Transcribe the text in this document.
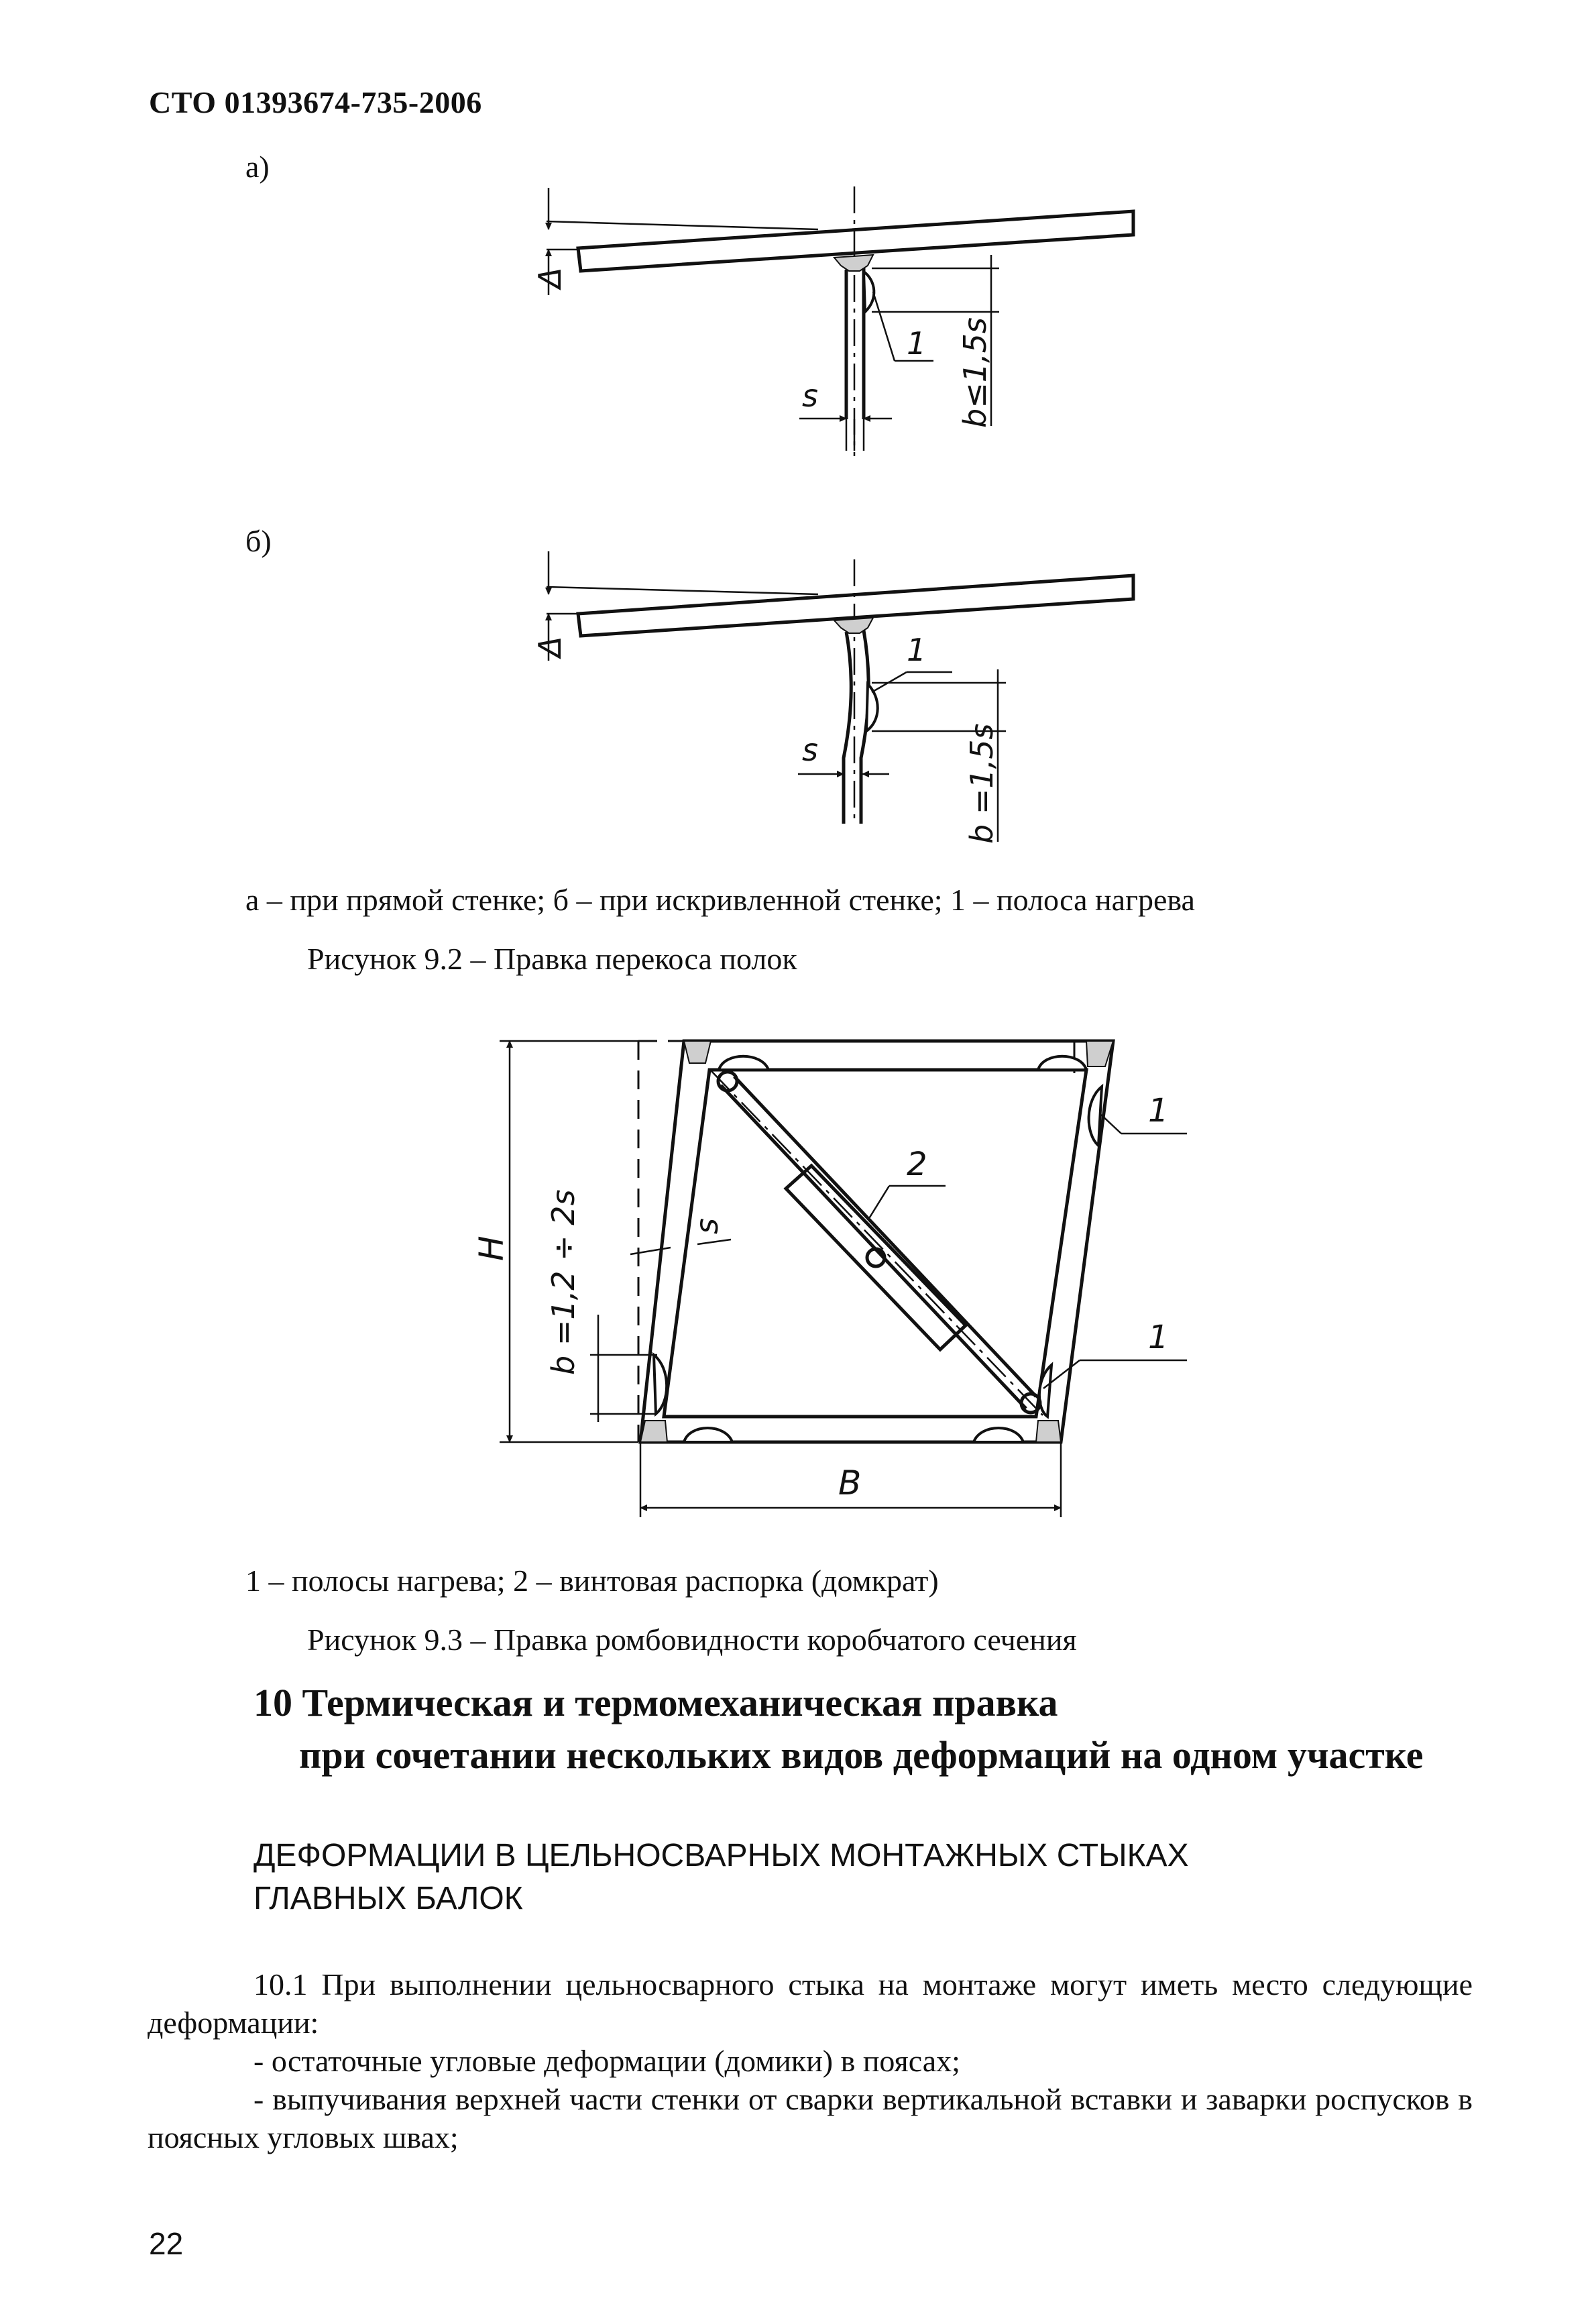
СТО 01393674-735-2006
а)
б)
Δ
b≤1,5s
1
s
Δ
b =1,5s
1
s
2
1
1
H b =1,2 ÷ 2s	s
B
а – при прямой стенке; б – при искривленной стенке; 1 – полоса нагрева
Рисунок 9.2 – Правка перекоса полок
1 – полосы нагрева; 2 – винтовая распорка (домкрат)
Рисунок 9.3 – Правка ромбовидности коробчатого сечения
10 Термическая и термомеханическая правка
при сочетании нескольких видов деформаций на одном участке
ДЕФОРМАЦИИ В ЦЕЛЬНОСВАРНЫХ МОНТАЖНЫХ СТЫКАХ
ГЛАВНЫХ БАЛОК
10.1 При выполнении цельносварного стыка на монтаже могут иметь место следующие деформации:
- остаточные угловые деформации (домики) в поясах;
- выпучивания верхней части стенки от сварки вертикальной вставки и заварки роспусков в поясных угловых швах;
22
